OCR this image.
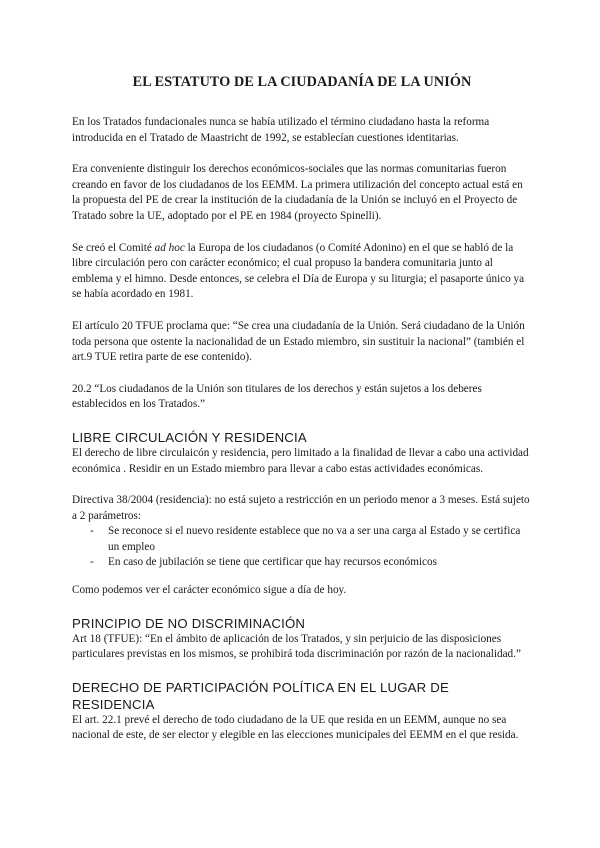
EL ESTATUTO DE LA CIUDADANÍA DE LA UNIÓN

En los Tratados fundacionales nunca se había utilizado el término ciudadano hasta la reforma introducida en el Tratado de Maastricht de 1992, se establecían cuestiones identitarias.

Era conveniente distinguir los derechos económicos-sociales que las normas comunitarias fueron creando en favor de los ciudadanos de los EEMM. La primera utilización del concepto actual está en la propuesta del PE de crear la institución de la ciudadanía de la Unión se incluyó en el Proyecto de Tratado sobre la UE, adoptado por el PE en 1984 (proyecto Spinelli).

Se creó el Comité ad hoc la Europa de los ciudadanos (o Comité Adonino) en el que se habló de la libre circulación pero con carácter económico; el cual propuso la bandera comunitaria junto al emblema y el himno. Desde entonces, se celebra el Día de Europa y su liturgia; el pasaporte único ya se había acordado en 1981.

El artículo 20 TFUE proclama que: “Se crea una ciudadanía de la Unión. Será ciudadano de la Unión toda persona que ostente la nacionalidad de un Estado miembro, sin sustituir la nacional” (también el art.9 TUE retira parte de ese contenido).

20.2 “Los ciudadanos de la Unión son titulares de los derechos y están sujetos a los deberes establecidos en los Tratados.”

LIBRE CIRCULACIÓN Y RESIDENCIA

El derecho de libre circulaicón y residencia, pero limitado a la finalidad de llevar a cabo una actividad económica . Residir en un Estado miembro para llevar a cabo estas actividades económicas.

Directiva 38/2004 (residencia): no está sujeto a restricción en un periodo menor a 3 meses. Está sujeto a 2 parámetros:

- Se reconoce si el nuevo residente establece que no va a ser una carga al Estado y se certifica un empleo
- En caso de jubilación se tiene que certificar que hay recursos económicos

Como podemos ver el carácter económico sigue a día de hoy.

PRINCIPIO DE NO DISCRIMINACIÓN

Art 18 (TFUE): “En el ámbito de aplicación de los Tratados, y sin perjuicio de las disposiciones particulares previstas en los mismos, se prohibirá toda discriminación por razón de la nacionalidad.”

DERECHO DE PARTICIPACIÓN POLÍTICA EN EL LUGAR DE RESIDENCIA

El art. 22.1 prevé el derecho de todo ciudadano de la UE que resida en un EEMM, aunque no sea nacional de este, de ser elector y elegible en las elecciones municipales del EEMM en el que resida.
